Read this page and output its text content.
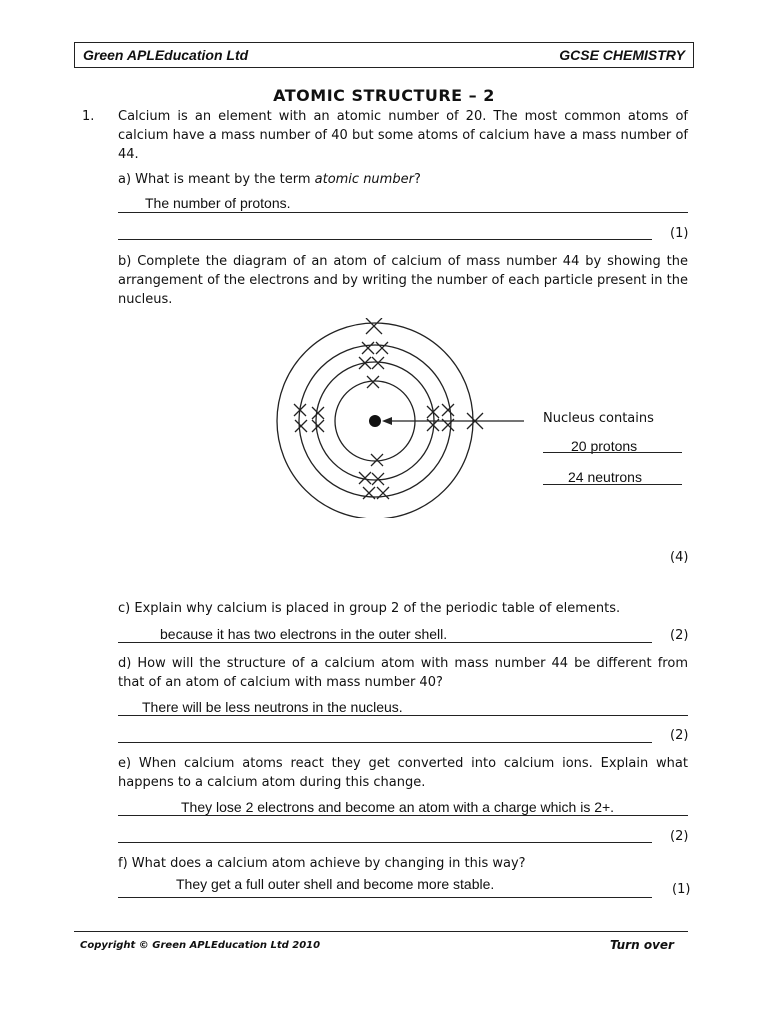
Green APLEducation Ltd	GCSE CHEMISTRY
ATOMIC STRUCTURE – 2
1. Calcium is an element with an atomic number of 20. The most common atoms of calcium have a mass number of 40 but some atoms of calcium have a mass number of 44.
a) What is meant by the term atomic number?
The number of protons.
(1)
b) Complete the diagram of an atom of calcium of mass number 44 by showing the arrangement of the electrons and by writing the number of each particle present in the nucleus.
Nucleus contains
20 protons
24 neutrons
(4)
c) Explain why calcium is placed in group 2 of the periodic table of elements.
because it has two electrons in the outer shell.	(2)
d) How will the structure of a calcium atom with mass number 44 be different from that of an atom of calcium with mass number 40?
There will be less neutrons in the nucleus.
(2)
e) When calcium atoms react they get converted into calcium ions. Explain what happens to a calcium atom during this change.
They lose 2 electrons and become an atom with a charge which is 2+.
(2)
f) What does a calcium atom achieve by changing in this way?
They get a full outer shell and become more stable.	(1)
Copyright © Green APLEducation Ltd 2010	Turn over
